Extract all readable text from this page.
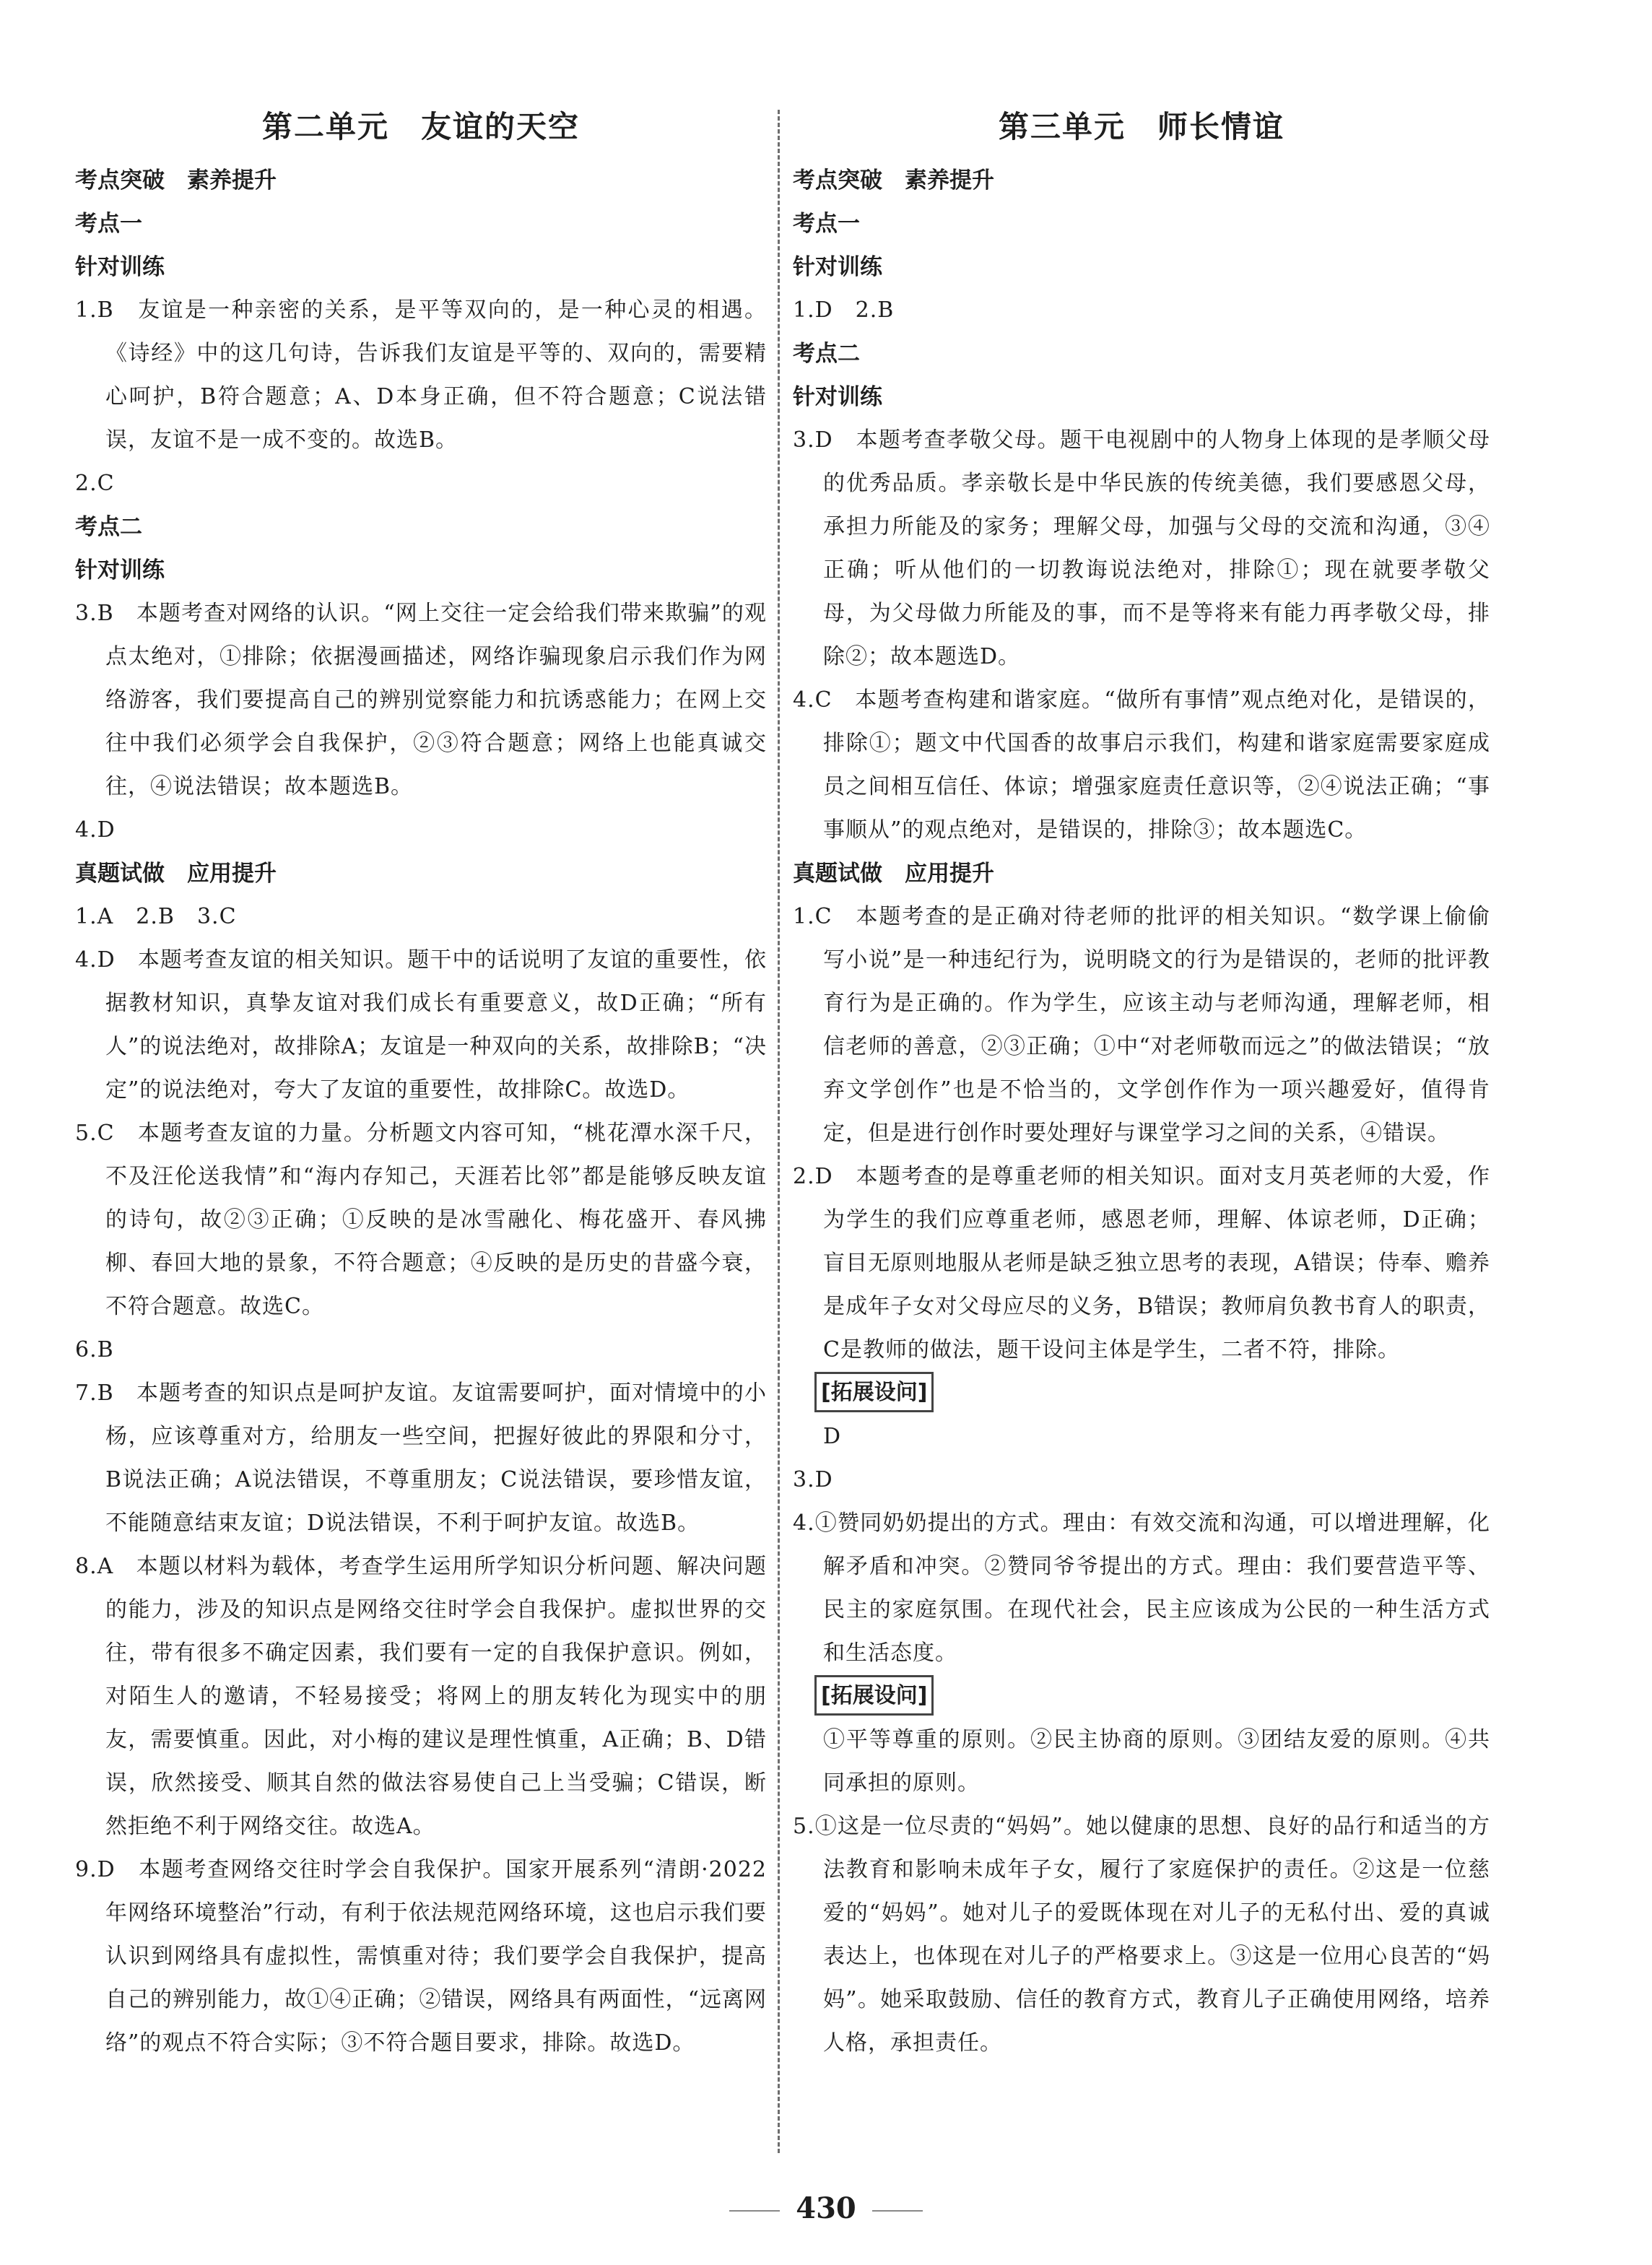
第二单元　友谊的天空
考点突破　素养提升
考点一
针对训练

1.B　友谊是一种亲密的关系，是平等双向的，是一种心灵的相遇。《诗经》中的这几句诗，告诉我们友谊是平等的、双向的，需要精心呵护，B符合题意；A、D本身正确，但不符合题意；C说法错误，友谊不是一成不变的。故选B。

2.C

考点二
针对训练

3.B　本题考查对网络的认识。“网上交往一定会给我们带来欺骗”的观点太绝对，①排除；依据漫画描述，网络诈骗现象启示我们作为网络游客，我们要提高自己的辨别觉察能力和抗诱惑能力；在网上交往中我们必须学会自我保护，②③符合题意；网络上也能真诚交往，④说法错误；故本题选B。

4.D

真题试做　应用提升

1.A　2.B　3.C

4.D　本题考查友谊的相关知识。题干中的话说明了友谊的重要性，依据教材知识，真挚友谊对我们成长有重要意义，故D正确；“所有人”的说法绝对，故排除A；友谊是一种双向的关系，故排除B；“决定”的说法绝对，夸大了友谊的重要性，故排除C。故选D。

5.C　本题考查友谊的力量。分析题文内容可知，“桃花潭水深千尺，不及汪伦送我情”和“海内存知己，天涯若比邻”都是能够反映友谊的诗句，故②③正确；①反映的是冰雪融化、梅花盛开、春风拂柳、春回大地的景象，不符合题意；④反映的是历史的昔盛今衰，不符合题意。故选C。

6.B

7.B　本题考查的知识点是呵护友谊。友谊需要呵护，面对情境中的小杨，应该尊重对方，给朋友一些空间，把握好彼此的界限和分寸，B说法正确；A说法错误，不尊重朋友；C说法错误，要珍惜友谊，不能随意结束友谊；D说法错误，不利于呵护友谊。故选B。

8.A　本题以材料为载体，考查学生运用所学知识分析问题、解决问题的能力，涉及的知识点是网络交往时学会自我保护。虚拟世界的交往，带有很多不确定因素，我们要有一定的自我保护意识。例如，对陌生人的邀请，不轻易接受；将网上的朋友转化为现实中的朋友，需要慎重。因此，对小梅的建议是理性慎重，A正确；B、D错误，欣然接受、顺其自然的做法容易使自己上当受骗；C错误，断然拒绝不利于网络交往。故选A。

9.D　本题考查网络交往时学会自我保护。国家开展系列“清朗·2022年网络环境整治”行动，有利于依法规范网络环境，这也启示我们要认识到网络具有虚拟性，需慎重对待；我们要学会自我保护，提高自己的辨别能力，故①④正确；②错误，网络具有两面性，“远离网络”的观点不符合实际；③不符合题目要求，排除。故选D。

第三单元　师长情谊
考点突破　素养提升
考点一
针对训练

1.D　2.B

考点二
针对训练

3.D　本题考查孝敬父母。题干电视剧中的人物身上体现的是孝顺父母的优秀品质。孝亲敬长是中华民族的传统美德，我们要感恩父母，承担力所能及的家务；理解父母，加强与父母的交流和沟通，③④正确；听从他们的一切教诲说法绝对，排除①；现在就要孝敬父母，为父母做力所能及的事，而不是等将来有能力再孝敬父母，排除②；故本题选D。

4.C　本题考查构建和谐家庭。“做所有事情”观点绝对化，是错误的，排除①；题文中代国香的故事启示我们，构建和谐家庭需要家庭成员之间相互信任、体谅；增强家庭责任意识等，②④说法正确；“事事顺从”的观点绝对，是错误的，排除③；故本题选C。

真题试做　应用提升

1.C　本题考查的是正确对待老师的批评的相关知识。“数学课上偷偷写小说”是一种违纪行为，说明晓文的行为是错误的，老师的批评教育行为是正确的。作为学生，应该主动与老师沟通，理解老师，相信老师的善意，②③正确；①中“对老师敬而远之”的做法错误；“放弃文学创作”也是不恰当的，文学创作作为一项兴趣爱好，值得肯定，但是进行创作时要处理好与课堂学习之间的关系，④错误。

2.D　本题考查的是尊重老师的相关知识。面对支月英老师的大爱，作为学生的我们应尊重老师，感恩老师，理解、体谅老师，D正确；盲目无原则地服从老师是缺乏独立思考的表现，A错误；侍奉、赡养是成年子女对父母应尽的义务，B错误；教师肩负教书育人的职责，C是教师的做法，题干设问主体是学生，二者不符，排除。

[拓展设问]

D

3.D

4.①赞同奶奶提出的方式。理由：有效交流和沟通，可以增进理解，化解矛盾和冲突。②赞同爷爷提出的方式。理由：我们要营造平等、民主的家庭氛围。在现代社会，民主应该成为公民的一种生活方式和生活态度。

[拓展设问]

①平等尊重的原则。②民主协商的原则。③团结友爱的原则。④共同承担的原则。

5.①这是一位尽责的“妈妈”。她以健康的思想、良好的品行和适当的方法教育和影响未成年子女，履行了家庭保护的责任。②这是一位慈爱的“妈妈”。她对儿子的爱既体现在对儿子的无私付出、爱的真诚表达上，也体现在对儿子的严格要求上。③这是一位用心良苦的“妈妈”。她采取鼓励、信任的教育方式，教育儿子正确使用网络，培养人格，承担责任。

430
